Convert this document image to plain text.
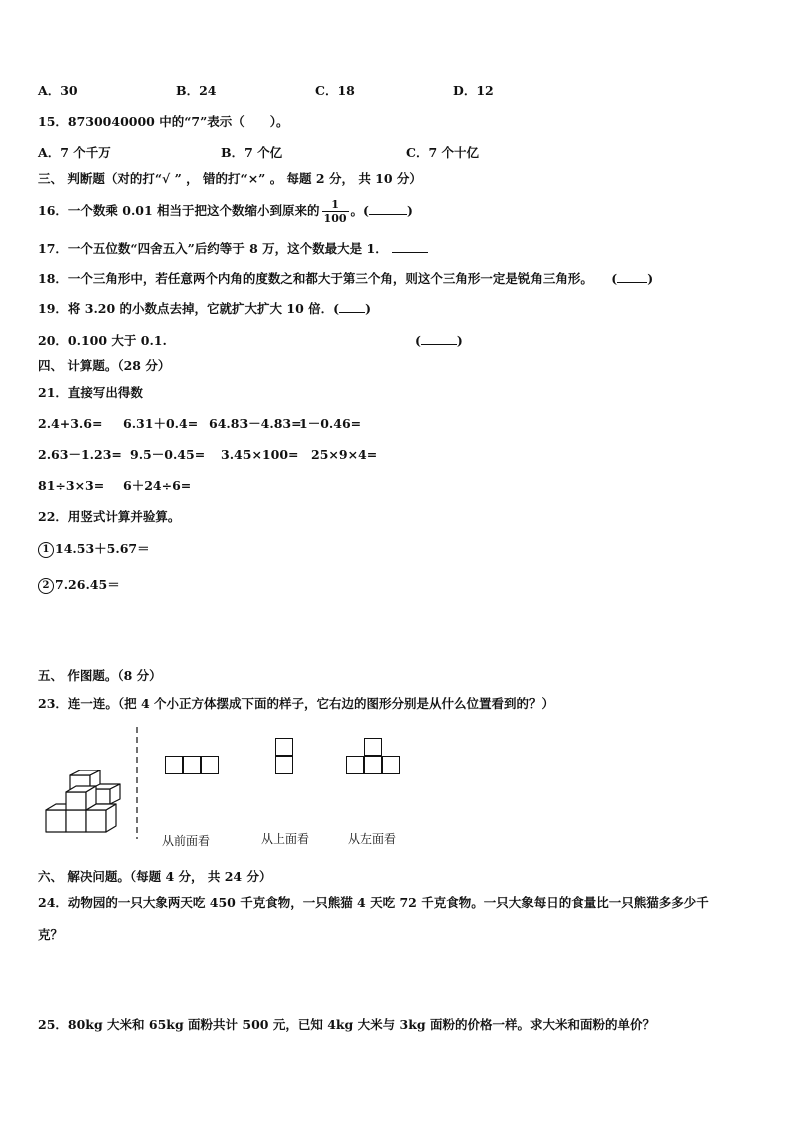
A．30	B．24	C．18	D．12
15．8730040000 中的“7”表示（　　）。
A．7 个千万	B．7 个亿	C．7 个十亿
三、 判断题（对的打“√ ” ， 错的打“×” 。 每题 2 分， 共 10 分）
16．一个数乘 0.01 相当于把这个数缩小到原来的 $\frac{1}{100}$ 。(	)
17．一个五位数“四舍五入”后约等于 8 万，这个数最大是 1．
18．一个三角形中，若任意两个内角的度数之和都大于第三个角，则这个三角形一定是锐角三角形。 ( )
19．将 3.20 的小数点去掉，它就扩大扩大 10 倍．( )
20．0.100 大于 0.1.	(	)
四、 计算题。（28 分）
21．直接写出得数
2.4+3.6= 6.31＋0.4= 64.83－4.83=
1－0.46=
2.63－1.23= 9.5－0.45= 3.45×100= 25×9×4=
81÷3×3= 6＋24÷6=
22．用竖式计算并验算。
1 14.53＋5.67＝
2 7.26.45＝
五、 作图题。（8 分）
23．连一连。（把 4 个小正方体摆成下面的样子，它右边的图形分别是从什么位置看到的？）
从前面看	从上面看	从左面看
六、 解决问题。（每题 4 分， 共 24 分）
24．动物园的一只大象两天吃 450 千克食物，一只熊猫 4 天吃 72 千克食物。一只大象每日的食量比一只熊猫多多少千
克？
25．80kg 大米和 65kg 面粉共计 500 元，已知 4kg 大米与 3kg 面粉的价格一样。求大米和面粉的单价？
